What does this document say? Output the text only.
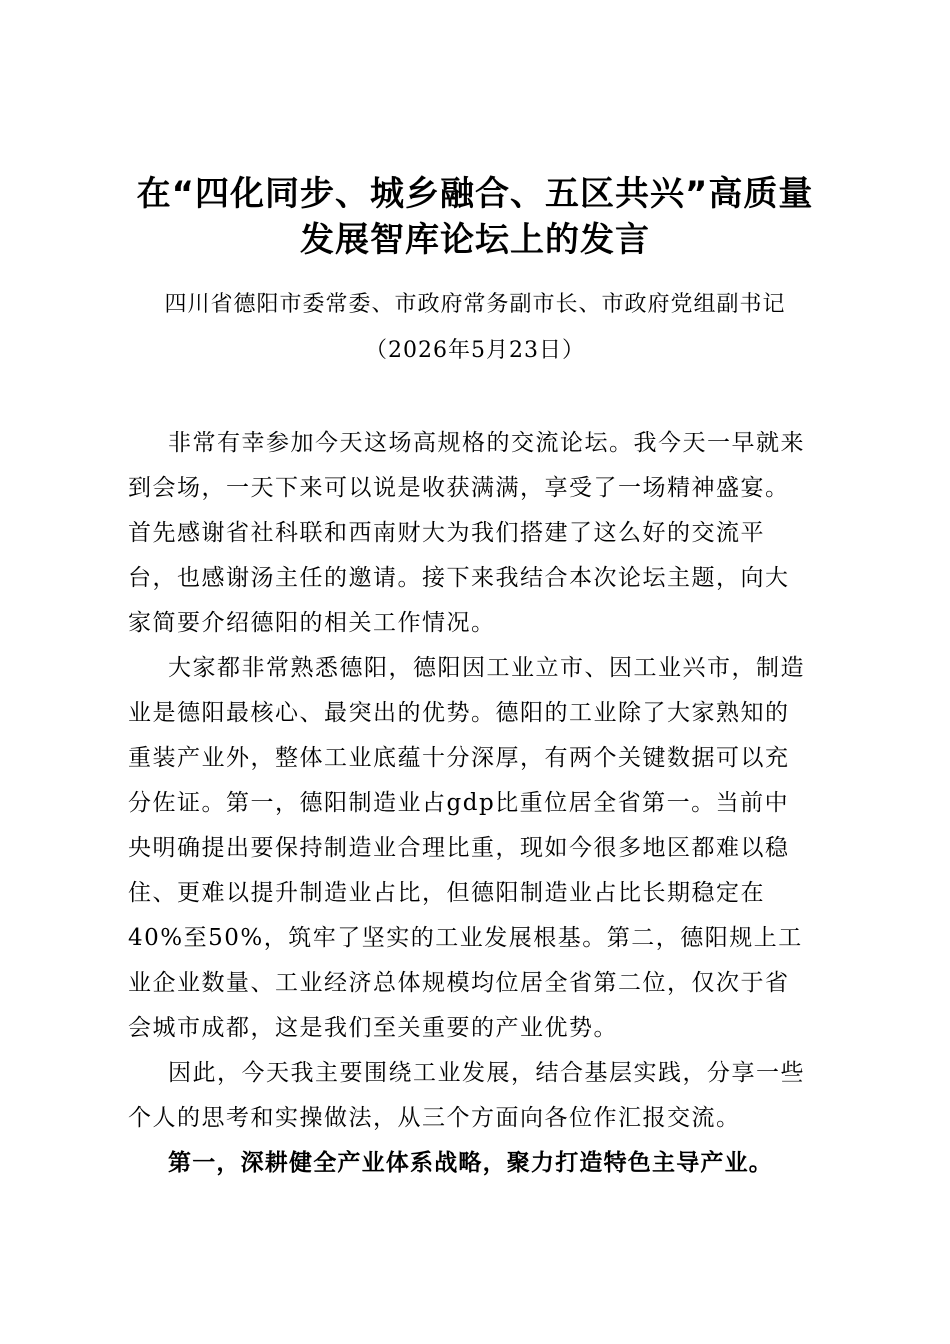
在“四化同步、城乡融合、五区共兴”高质量
发展智库论坛上的发言
四川省德阳市委常委、市政府常务副市长、市政府党组副书记
（2026年5月23日）
非常有幸参加今天这场高规格的交流论坛。我今天一早就来
到会场，一天下来可以说是收获满满，享受了一场精神盛宴。
首先感谢省社科联和西南财大为我们搭建了这么好的交流平
台，也感谢汤主任的邀请。接下来我结合本次论坛主题，向大
家简要介绍德阳的相关工作情况。
大家都非常熟悉德阳，德阳因工业立市、因工业兴市，制造
业是德阳最核心、最突出的优势。德阳的工业除了大家熟知的
重装产业外，整体工业底蕴十分深厚，有两个关键数据可以充
分佐证。第一，德阳制造业占gdp比重位居全省第一。当前中
央明确提出要保持制造业合理比重，现如今很多地区都难以稳
住、更难以提升制造业占比，但德阳制造业占比长期稳定在
40%至50%，筑牢了坚实的工业发展根基。第二，德阳规上工
业企业数量、工业经济总体规模均位居全省第二位，仅次于省
会城市成都，这是我们至关重要的产业优势。
因此，今天我主要围绕工业发展，结合基层实践，分享一些
个人的思考和实操做法，从三个方面向各位作汇报交流。
第一，深耕健全产业体系战略，聚力打造特色主导产业。
